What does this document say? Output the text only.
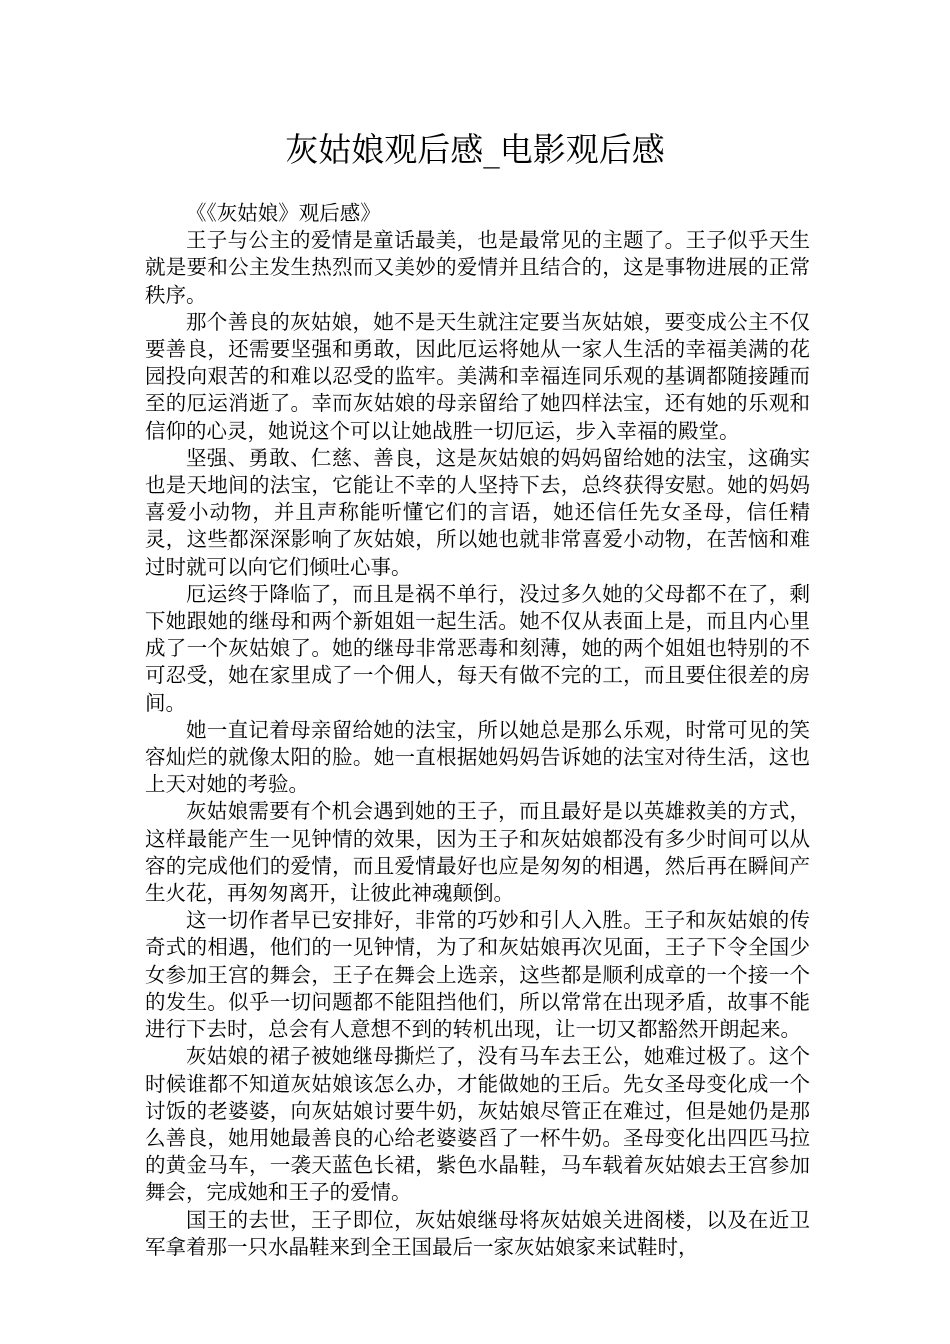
灰姑娘观后感_电影观后感

《《灰姑娘》观后感》

王子与公主的爱情是童话最美，也是最常见的主题了。王子似乎天生就是要和公主发生热烈而又美妙的爱情并且结合的，这是事物进展的正常秩序。

那个善良的灰姑娘，她不是天生就注定要当灰姑娘，要变成公主不仅要善良，还需要坚强和勇敢，因此厄运将她从一家人生活的幸福美满的花园投向艰苦的和难以忍受的监牢。美满和幸福连同乐观的基调都随接踵而至的厄运消逝了。幸而灰姑娘的母亲留给了她四样法宝，还有她的乐观和信仰的心灵，她说这个可以让她战胜一切厄运，步入幸福的殿堂。

坚强、勇敢、仁慈、善良，这是灰姑娘的妈妈留给她的法宝，这确实也是天地间的法宝，它能让不幸的人坚持下去，总终获得安慰。她的妈妈喜爱小动物，并且声称能听懂它们的言语，她还信任先女圣母，信任精灵，这些都深深影响了灰姑娘，所以她也就非常喜爱小动物，在苦恼和难过时就可以向它们倾吐心事。

厄运终于降临了，而且是祸不单行，没过多久她的父母都不在了，剩下她跟她的继母和两个新姐姐一起生活。她不仅从表面上是，而且内心里成了一个灰姑娘了。她的继母非常恶毒和刻薄，她的两个姐姐也特别的不可忍受，她在家里成了一个佣人，每天有做不完的工，而且要住很差的房间。

她一直记着母亲留给她的法宝，所以她总是那么乐观，时常可见的笑容灿烂的就像太阳的脸。她一直根据她妈妈告诉她的法宝对待生活，这也上天对她的考验。

灰姑娘需要有个机会遇到她的王子，而且最好是以英雄救美的方式，这样最能产生一见钟情的效果，因为王子和灰姑娘都没有多少时间可以从容的完成他们的爱情，而且爱情最好也应是匆匆的相遇，然后再在瞬间产生火花，再匆匆离开，让彼此神魂颠倒。

这一切作者早已安排好，非常的巧妙和引人入胜。王子和灰姑娘的传奇式的相遇，他们的一见钟情，为了和灰姑娘再次见面，王子下令全国少女参加王宫的舞会，王子在舞会上选亲，这些都是顺利成章的一个接一个的发生。似乎一切问题都不能阻挡他们，所以常常在出现矛盾，故事不能进行下去时，总会有人意想不到的转机出现，让一切又都豁然开朗起来。

灰姑娘的裙子被她继母撕烂了，没有马车去王公，她难过极了。这个时候谁都不知道灰姑娘该怎么办，才能做她的王后。先女圣母变化成一个讨饭的老婆婆，向灰姑娘讨要牛奶，灰姑娘尽管正在难过，但是她仍是那么善良，她用她最善良的心给老婆婆舀了一杯牛奶。圣母变化出四匹马拉的黄金马车，一袭天蓝色长裙，紫色水晶鞋，马车载着灰姑娘去王宫参加舞会，完成她和王子的爱情。

国王的去世，王子即位，灰姑娘继母将灰姑娘关进阁楼，以及在近卫军拿着那一只水晶鞋来到全王国最后一家灰姑娘家来试鞋时，
